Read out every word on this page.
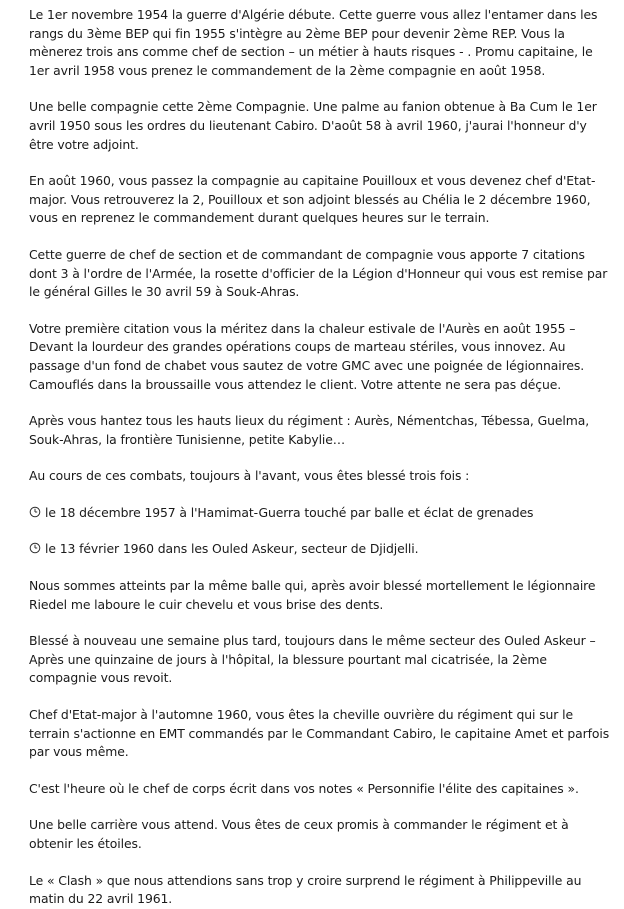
Le 1er novembre 1954 la guerre d'Algérie débute. Cette guerre vous allez l'entamer dans les rangs du 3ème BEP qui fin 1955 s'intègre au 2ème BEP pour devenir 2ème REP. Vous la mènerez trois ans comme chef de section – un métier à hauts risques - . Promu capitaine, le 1er avril 1958 vous prenez le commandement de la 2ème compagnie en août 1958.

Une belle compagnie cette 2ème Compagnie. Une palme au fanion obtenue à Ba Cum le 1er avril 1950 sous les ordres du lieutenant Cabiro. D'août 58 à avril 1960, j'aurai l'honneur d'y être votre adjoint.

En août 1960, vous passez la compagnie au capitaine Pouilloux et vous devenez chef d'Etat-major. Vous retrouverez la 2, Pouilloux et son adjoint blessés au Chélia le 2 décembre 1960, vous en reprenez le commandement durant quelques heures sur le terrain.

Cette guerre de chef de section et de commandant de compagnie vous apporte 7 citations dont 3 à l'ordre de l'Armée, la rosette d'officier de la Légion d'Honneur qui vous est remise par le général Gilles le 30 avril 59 à Souk-Ahras.

Votre première citation vous la méritez dans la chaleur estivale de l'Aurès en août 1955 – Devant la lourdeur des grandes opérations coups de marteau stériles, vous innovez. Au passage d'un fond de chabet vous sautez de votre GMC avec une poignée de légionnaires. Camouflés dans la broussaille vous attendez le client. Votre attente ne sera pas déçue.

Après vous hantez tous les hauts lieux du régiment : Aurès, Némentchas, Tébessa, Guelma, Souk-Ahras, la frontière Tunisienne, petite Kabylie…

Au cours de ces combats, toujours à l'avant, vous êtes blessé trois fois :

le 18 décembre 1957 à l'Hamimat-Guerra touché par balle et éclat de grenades

le 13 février 1960 dans les Ouled Askeur, secteur de Djidjelli.

Nous sommes atteints par la même balle qui, après avoir blessé mortellement le légionnaire Riedel me laboure le cuir chevelu et vous brise des dents.

Blessé à nouveau une semaine plus tard, toujours dans le même secteur des Ouled Askeur – Après une quinzaine de jours à l'hôpital, la blessure pourtant mal cicatrisée, la 2ème compagnie vous revoit.

Chef d'Etat-major à l'automne 1960, vous êtes la cheville ouvrière du régiment qui sur le terrain s'actionne en EMT commandés par le Commandant Cabiro, le capitaine Amet et parfois par vous même.

C'est l'heure où le chef de corps écrit dans vos notes « Personnifie l'élite des capitaines ».

Une belle carrière vous attend. Vous êtes de ceux promis à commander le régiment et à obtenir les étoiles.

Le « Clash » que nous attendions sans trop y croire surprend le régiment à Philippeville au matin du 22 avril 1961.
